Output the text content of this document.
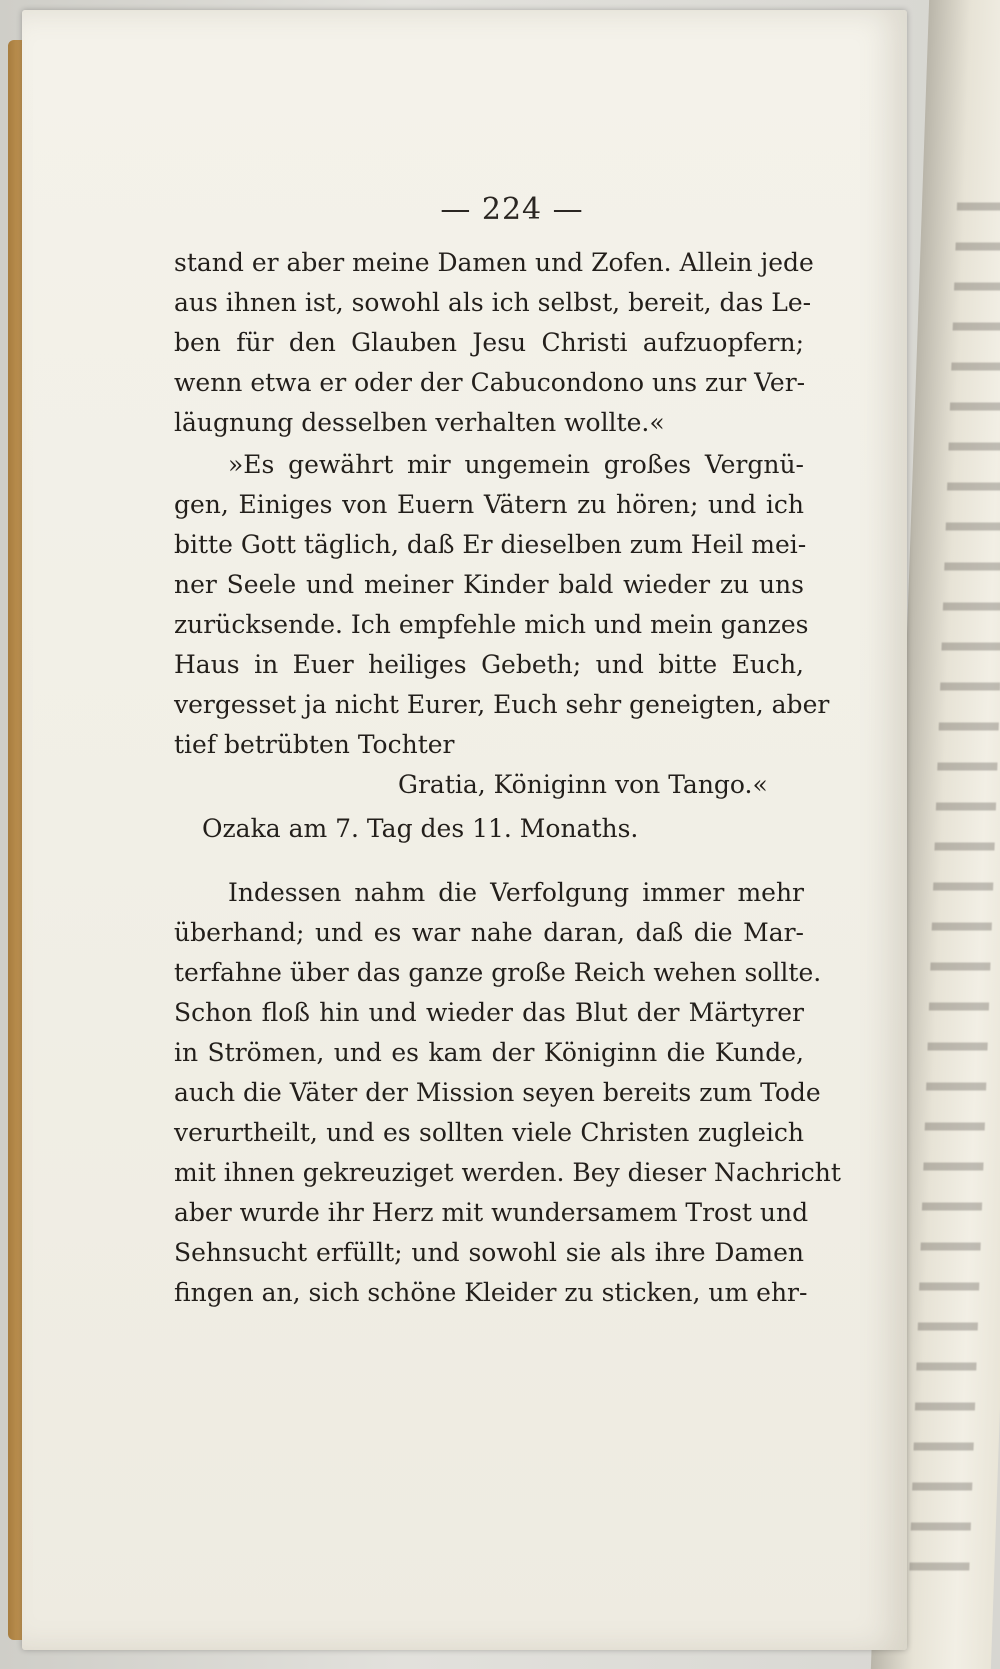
— 224 —
stand er aber meine Damen und Zofen. Allein jede
aus ihnen ist, sowohl als ich selbst, bereit, das Le-
ben für den Glauben Jesu Christi aufzuopfern;
wenn etwa er oder der Cabucondono uns zur Ver-
läugnung desselben verhalten wollte.«
»Es gewährt mir ungemein großes Vergnü-
gen, Einiges von Euern Vätern zu hören; und ich
bitte Gott täglich, daß Er dieselben zum Heil mei-
ner Seele und meiner Kinder bald wieder zu uns
zurücksende. Ich empfehle mich und mein ganzes
Haus in Euer heiliges Gebeth; und bitte Euch,
vergesset ja nicht Eurer, Euch sehr geneigten, aber
tief betrübten Tochter
Gratia, Königinn von Tango.«
Ozaka am 7. Tag des 11. Monaths.
Indessen nahm die Verfolgung immer mehr
überhand; und es war nahe daran, daß die Mar-
terfahne über das ganze große Reich wehen sollte.
Schon floß hin und wieder das Blut der Märtyrer
in Strömen, und es kam der Königinn die Kunde,
auch die Väter der Mission seyen bereits zum Tode
verurtheilt, und es sollten viele Christen zugleich
mit ihnen gekreuziget werden. Bey dieser Nachricht
aber wurde ihr Herz mit wundersamem Trost und
Sehnsucht erfüllt; und sowohl sie als ihre Damen
fingen an, sich schöne Kleider zu sticken, um ehr-
